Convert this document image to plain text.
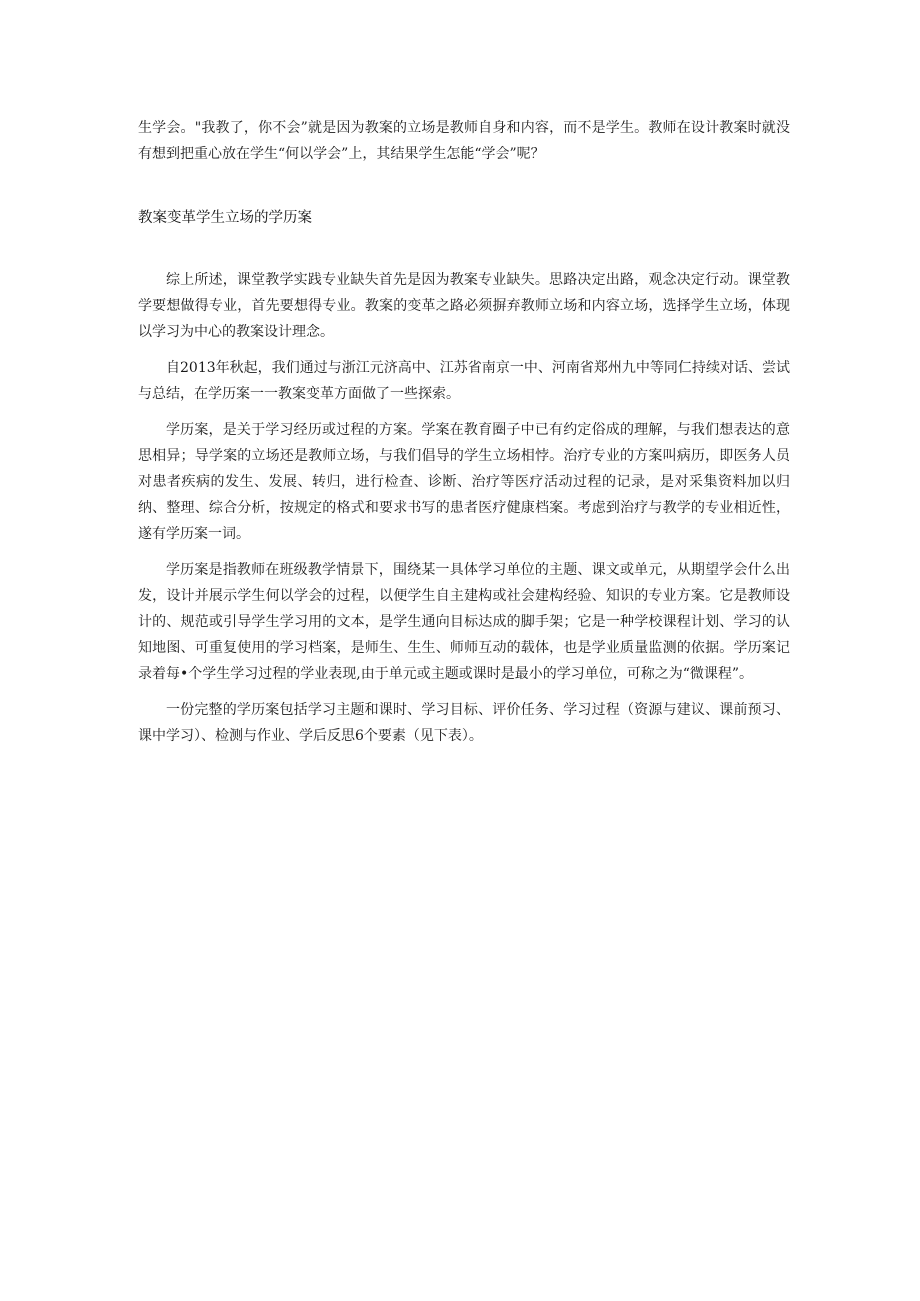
生学会。"我教了，你不会”就是因为教案的立场是教师自身和内容，而不是学生。教师在设计教案时就没有想到把重心放在学生“何以学会”上，其结果学生怎能“学会”呢？

教案变革学生立场的学历案

综上所述，课堂教学实践专业缺失首先是因为教案专业缺失。思路决定出路，观念决定行动。课堂教学要想做得专业，首先要想得专业。教案的变革之路必须摒弃教师立场和内容立场，选择学生立场，体现以学习为中心的教案设计理念。

自2013年秋起，我们通过与浙江元济高中、江苏省南京一中、河南省郑州九中等同仁持续对话、尝试与总结，在学历案一一教案变革方面做了一些探索。

学历案，是关于学习经历或过程的方案。学案在教育圈子中已有约定俗成的理解，与我们想表达的意思相异；导学案的立场还是教师立场，与我们倡导的学生立场相悖。治疗专业的方案叫病历，即医务人员对患者疾病的发生、发展、转归，进行检查、诊断、治疗等医疗活动过程的记录，是对采集资料加以归纳、整理、综合分析，按规定的格式和要求书写的患者医疗健康档案。考虑到治疗与教学的专业相近性，遂有学历案一词。

学历案是指教师在班级教学情景下，围绕某一具体学习单位的主题、课文或单元，从期望学会什么出发，设计并展示学生何以学会的过程，以便学生自主建构或社会建构经验、知识的专业方案。它是教师设计的、规范或引导学生学习用的文本，是学生通向目标达成的脚手架；它是一种学校课程计划、学习的认知地图、可重复使用的学习档案，是师生、生生、师师互动的载体，也是学业质量监测的依据。学历案记录着每•个学生学习过程的学业表现,由于单元或主题或课时是最小的学习单位，可称之为“微课程”。

一份完整的学历案包括学习主题和课时、学习目标、评价任务、学习过程（资源与建议、课前预习、课中学习）、检测与作业、学后反思6个要素（见下表）。
